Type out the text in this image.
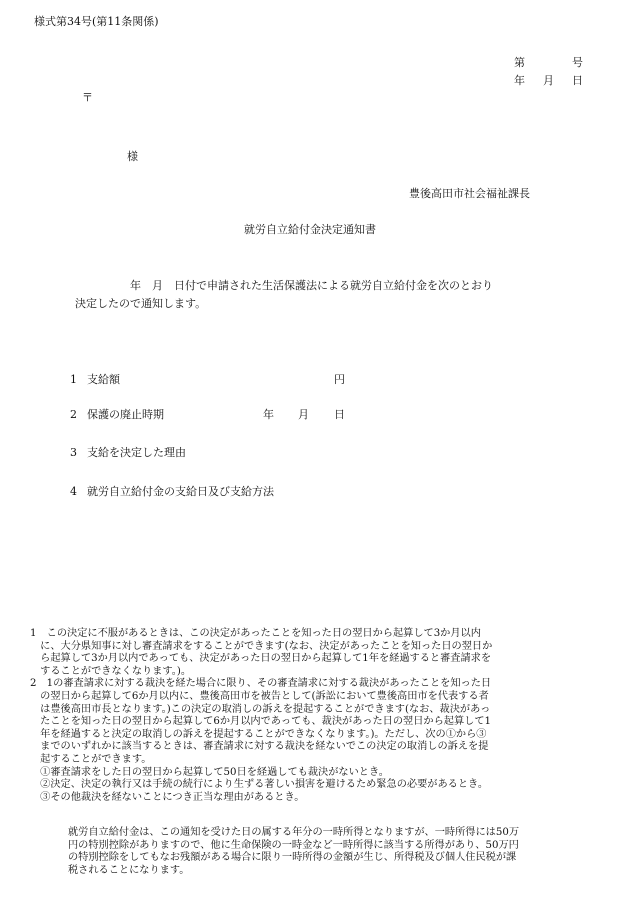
様式第34号(第11条関係)
第	号
年 月 日
〒
様
豊後高田市社会福祉課長
就労自立給付金決定通知書
年　月　日付で申請された生活保護法による就労自立給付金を次のとおり
決定したので通知します。
1 支給額	円
2 保護の廃止時期	年 月 日
3 支給を決定した理由
4 就労自立給付金の支給日及び支給方法

1　この決定に不服があるときは、この決定があったことを知った日の翌日から起算して3か月以内

　に、大分県知事に対し審査請求をすることができます(なお、決定があったことを知った日の翌日か

　ら起算して3か月以内であっても、決定があった日の翌日から起算して1年を経過すると審査請求を

　することができなくなります。)。

2　1の審査請求に対する裁決を経た場合に限り、その審査請求に対する裁決があったことを知った日

　の翌日から起算して6か月以内に、豊後高田市を被告として(訴訟において豊後高田市を代表する者

　は豊後高田市長となります。)この決定の取消しの訴えを提起することができます(なお、裁決があっ

　たことを知った日の翌日から起算して6か月以内であっても、裁決があった日の翌日から起算して1

　年を経過すると決定の取消しの訴えを提起することができなくなります。)。ただし、次の①から③

　までのいずれかに該当するときは、審査請求に対する裁決を経ないでこの決定の取消しの訴えを提

　起することができます。

　①審査請求をした日の翌日から起算して50日を経過しても裁決がないとき。

　②決定、決定の執行又は手続の続行により生ずる著しい損害を避けるため緊急の必要があるとき。

　③その他裁決を経ないことにつき正当な理由があるとき。

就労自立給付金は、この通知を受けた日の属する年分の一時所得となりますが、一時所得には50万

円の特別控除がありますので、他に生命保険の一時金など一時所得に該当する所得があり、50万円

の特別控除をしてもなお残額がある場合に限り一時所得の金額が生じ、所得税及び個人住民税が課

税されることになります。
